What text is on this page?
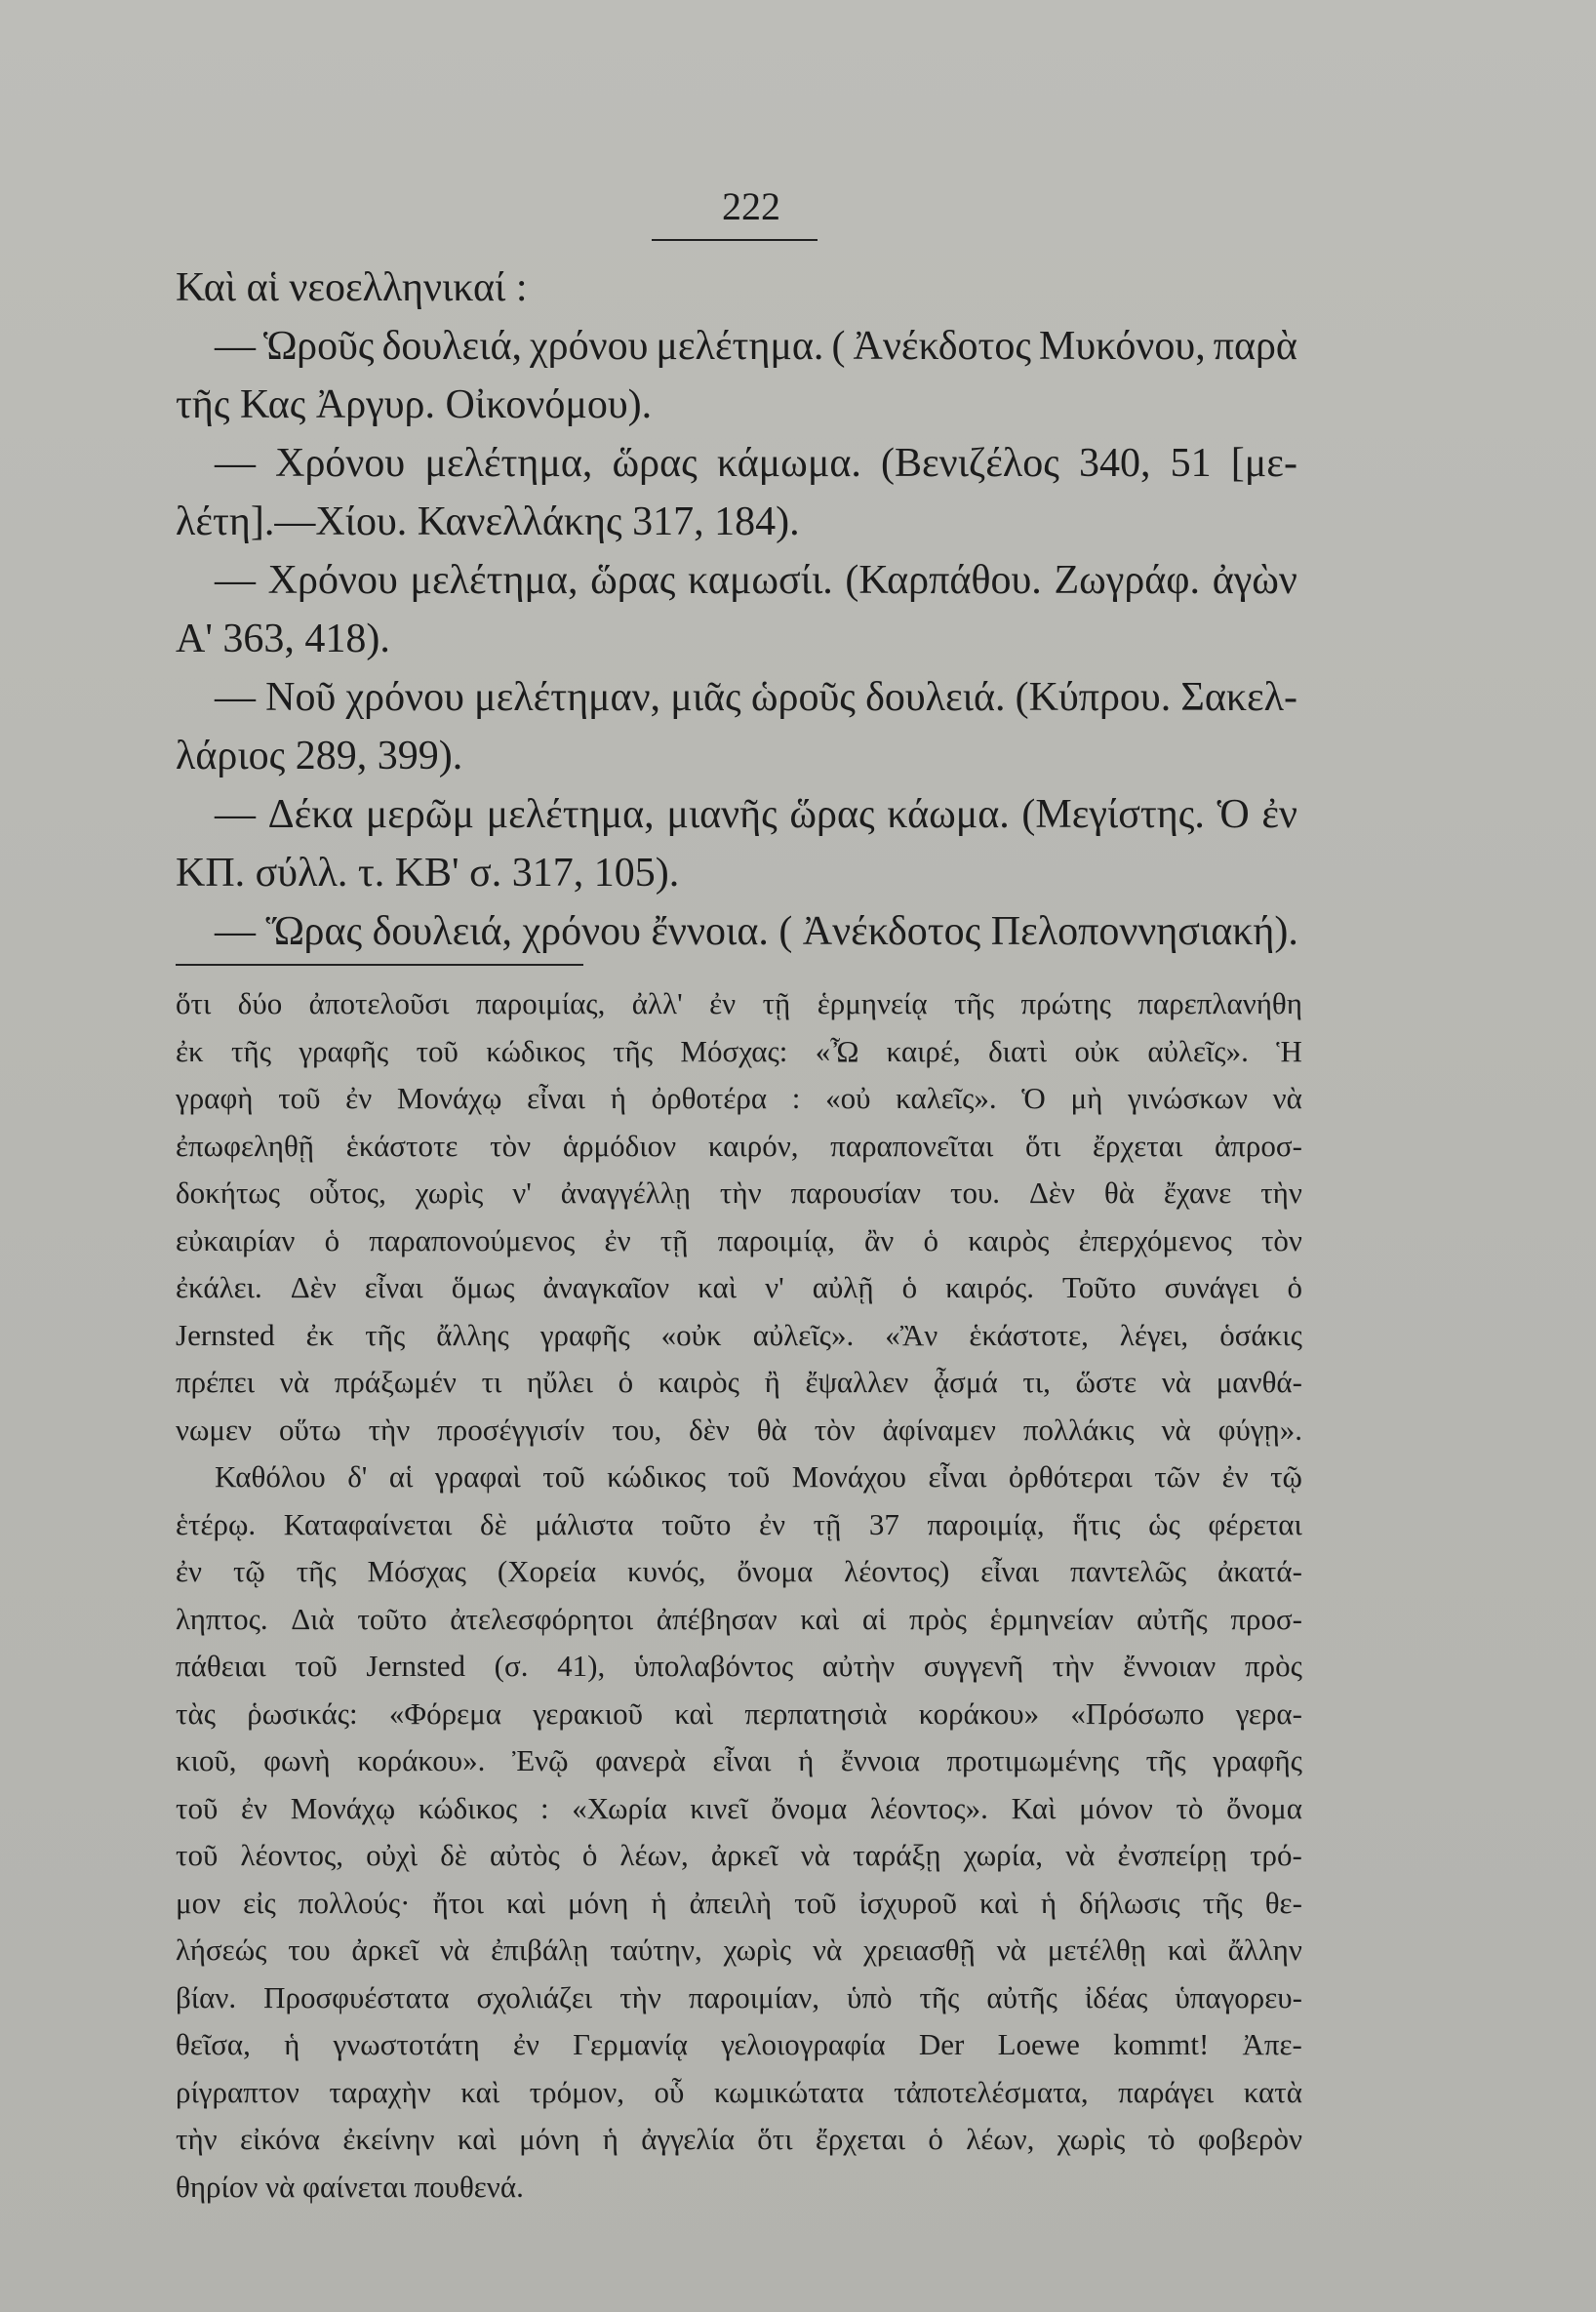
222
Καὶ αἱ νεοελληνικαί :
— Ὡροῦς δουλειά, χρόνου μελέτημα. ( Ἀνέκδοτος Μυκόνου, παρὰ
τῆς Κας Ἀργυρ. Οἰκονόμου).
— Χρόνου μελέτημα, ὥρας κάμωμα. (Βενιζέλος 340, 51 [με-
λέτη].—Χίου. Κανελλάκης 317, 184).
— Χρόνου μελέτημα, ὥρας καμωσίι. (Καρπάθου. Ζωγράφ. ἀγὼν
Α' 363, 418).
— Νοῦ χρόνου μελέτημαν, μιᾶς ὡροῦς δουλειά. (Κύπρου. Σακελ-
λάριος 289, 399).
— Δέκα μερῶμ μελέτημα, μιανῆς ὥρας κάωμα. (Μεγίστης. Ὁ ἐν
ΚΠ. σύλλ. τ. ΚΒ' σ. 317, 105).
— Ὥρας δουλειά, χρόνου ἔννοια. ( Ἀνέκδοτος Πελοποννησιακή).
ὅτι δύο ἀποτελοῦσι παροιμίας, ἀλλ' ἐν τῇ ἑρμηνείᾳ τῆς πρώτης παρεπλανήθη
ἐκ τῆς γραφῆς τοῦ κώδικος τῆς Μόσχας: «Ὦ καιρέ, διατὶ οὐκ αὐλεῖς». Ἡ
γραφὴ τοῦ ἐν Μονάχῳ εἶναι ἡ ὀρθοτέρα : «οὐ καλεῖς». Ὁ μὴ γινώσκων νὰ
ἐπωφεληθῇ ἑκάστοτε τὸν ἁρμόδιον καιρόν, παραπονεῖται ὅτι ἔρχεται ἀπροσ-
δοκήτως οὗτος, χωρὶς ν' ἀναγγέλλῃ τὴν παρουσίαν του. Δὲν θὰ ἔχανε τὴν
εὐκαιρίαν ὁ παραπονούμενος ἐν τῇ παροιμίᾳ, ἂν ὁ καιρὸς ἐπερχόμενος τὸν
ἐκάλει. Δὲν εἶναι ὅμως ἀναγκαῖον καὶ ν' αὐλῇ ὁ καιρός. Τοῦτο συνάγει ὁ
Jernsted ἐκ τῆς ἄλλης γραφῆς «οὐκ αὐλεῖς». «Ἂν ἑκάστοτε, λέγει, ὁσάκις
πρέπει νὰ πράξωμέν τι ηὔλει ὁ καιρὸς ἢ ἔψαλλεν ᾆσμά τι, ὥστε νὰ μανθά-
νωμεν οὕτω τὴν προσέγγισίν του, δὲν θὰ τὸν ἀφίναμεν πολλάκις νὰ φύγῃ».
Καθόλου δ' αἱ γραφαὶ τοῦ κώδικος τοῦ Μονάχου εἶναι ὀρθότεραι τῶν ἐν τῷ
ἑτέρῳ. Καταφαίνεται δὲ μάλιστα τοῦτο ἐν τῇ 37 παροιμίᾳ, ἥτις ὡς φέρεται
ἐν τῷ τῆς Μόσχας (Χορεία κυνός, ὄνομα λέοντος) εἶναι παντελῶς ἀκατά-
ληπτος. Διὰ τοῦτο ἀτελεσφόρητοι ἀπέβησαν καὶ αἱ πρὸς ἑρμηνείαν αὐτῆς προσ-
πάθειαι τοῦ Jernsted (σ. 41), ὑπολαβόντος αὐτὴν συγγενῆ τὴν ἔννοιαν πρὸς
τὰς ῥωσικάς: «Φόρεμα γερακιοῦ καὶ περπατησιὰ κοράκου» «Πρόσωπο γερα-
κιοῦ, φωνὴ κοράκου». Ἐνῷ φανερὰ εἶναι ἡ ἔννοια προτιμωμένης τῆς γραφῆς
τοῦ ἐν Μονάχῳ κώδικος : «Χωρία κινεῖ ὄνομα λέοντος». Καὶ μόνον τὸ ὄνομα
τοῦ λέοντος, οὐχὶ δὲ αὐτὸς ὁ λέων, ἀρκεῖ νὰ ταράξῃ χωρία, νὰ ἐνσπείρῃ τρό-
μον εἰς πολλούς· ἤτοι καὶ μόνη ἡ ἀπειλὴ τοῦ ἰσχυροῦ καὶ ἡ δήλωσις τῆς θε-
λήσεώς του ἀρκεῖ νὰ ἐπιβάλῃ ταύτην, χωρὶς νὰ χρειασθῇ νὰ μετέλθῃ καὶ ἄλλην
βίαν. Προσφυέστατα σχολιάζει τὴν παροιμίαν, ὑπὸ τῆς αὐτῆς ἰδέας ὑπαγορευ-
θεῖσα, ἡ γνωστοτάτη ἐν Γερμανίᾳ γελοιογραφία Der Loewe kommt! Ἀπε-
ρίγραπτον ταραχὴν καὶ τρόμον, οὗ κωμικώτατα τἀποτελέσματα, παράγει κατὰ
τὴν εἰκόνα ἐκείνην καὶ μόνη ἡ ἀγγελία ὅτι ἔρχεται ὁ λέων, χωρὶς τὸ φοβερὸν
θηρίον νὰ φαίνεται πουθενά.
